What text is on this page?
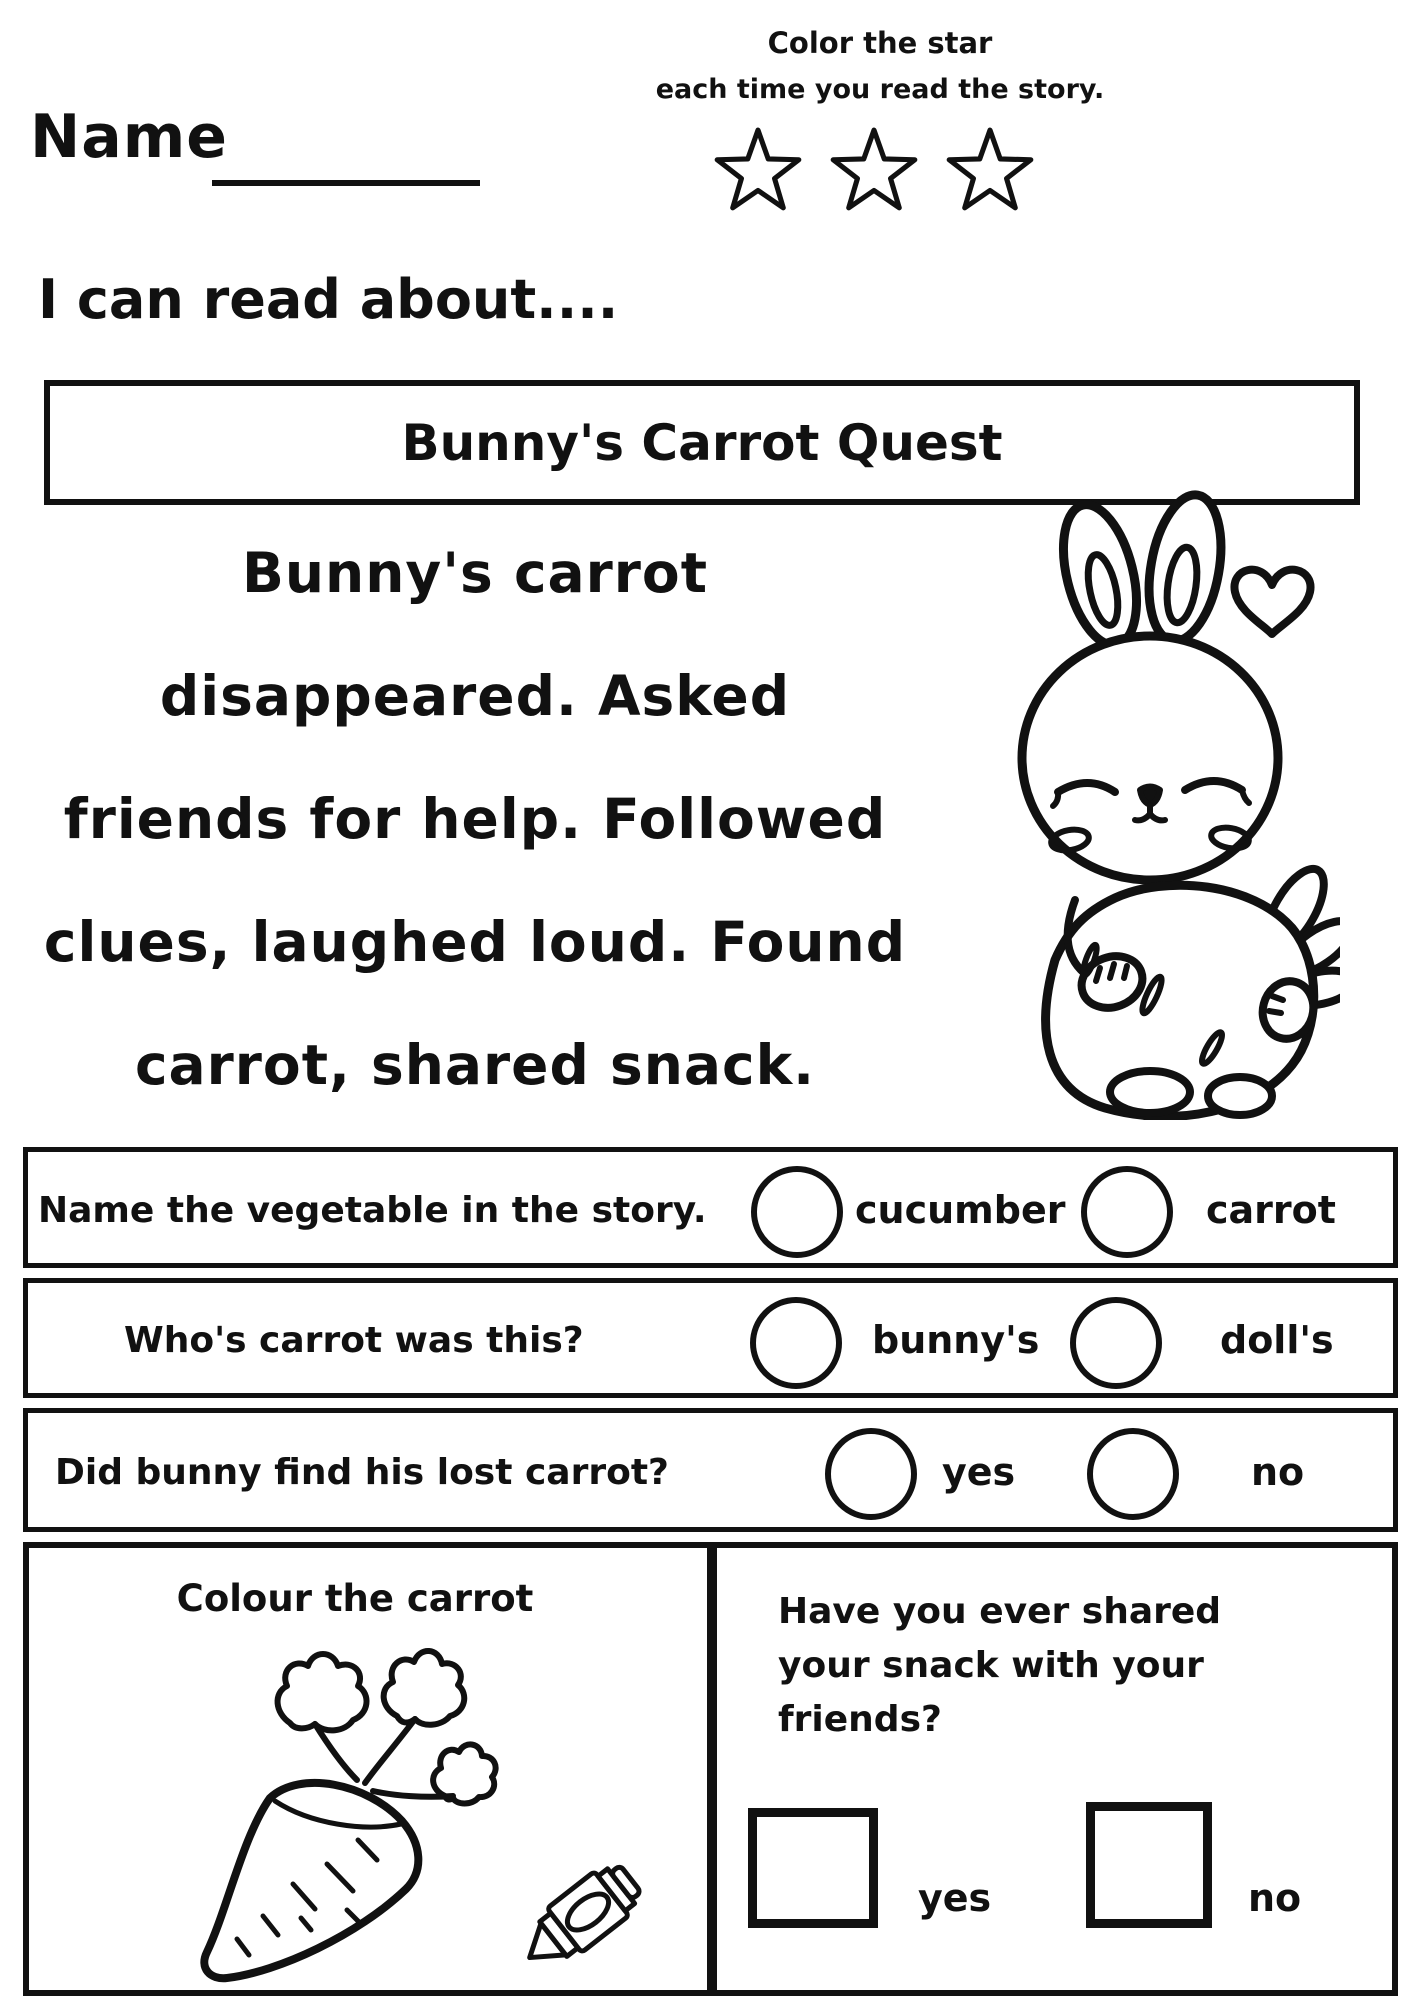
Name
Color the star
each time you read the story.
I can read about....
Bunny's Carrot Quest
Bunny's carrot
disappeared. Asked
friends for help. Followed
clues, laughed loud. Found
carrot, shared snack.
Name the vegetable in the story.	cucumber	carrot
Who's carrot was this?	bunny's	doll's
Did bunny find his lost carrot?	yes	no
Colour the carrot	Have you ever shared your snack with your friends?
yes	no
